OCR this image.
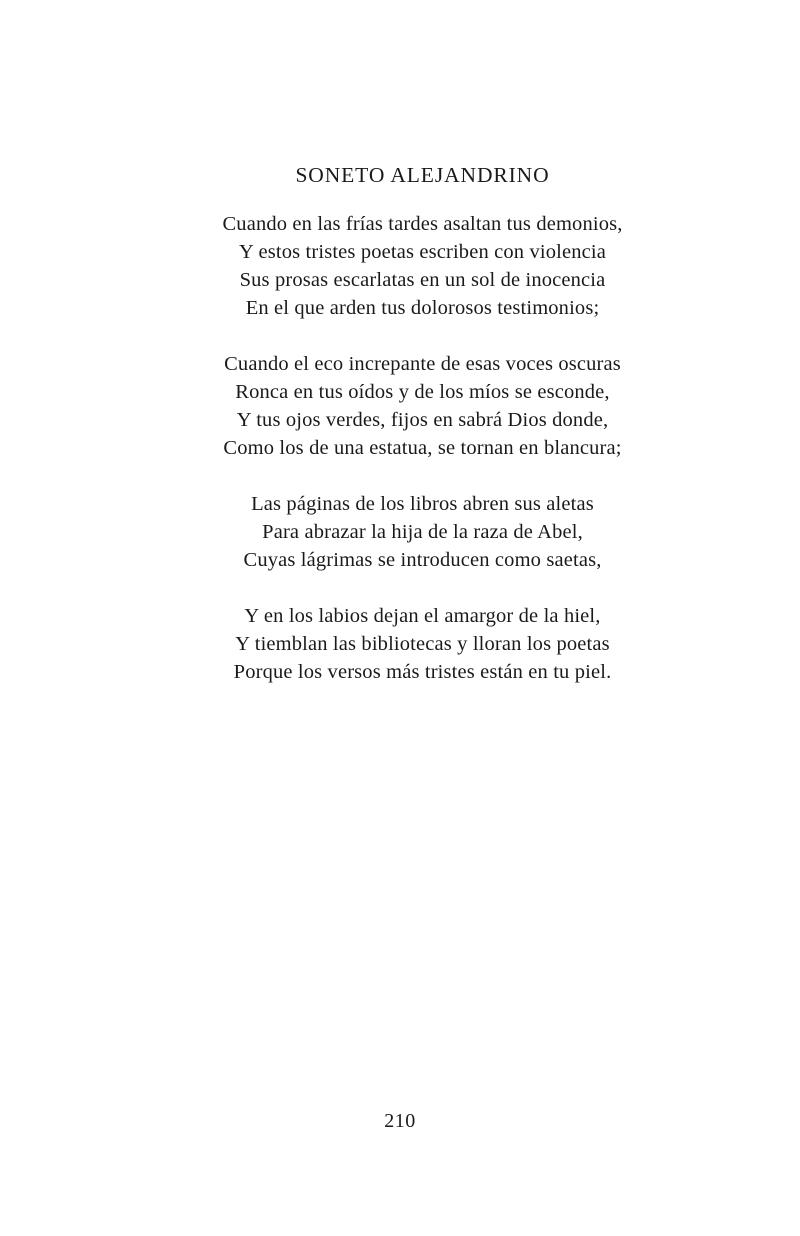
SONETO ALEJANDRINO
Cuando en las frías tardes asaltan tus demonios,
Y estos tristes poetas escriben con violencia
Sus prosas escarlatas en un sol de inocencia
En el que arden tus dolorosos testimonios;
Cuando el eco increpante de esas voces oscuras
Ronca en tus oídos y de los míos se esconde,
Y tus ojos verdes, fijos en sabrá Dios donde,
Como los de una estatua, se tornan en blancura;
Las páginas de los libros abren sus aletas
Para abrazar la hija de la raza de Abel,
Cuyas lágrimas se introducen como saetas,
Y en los labios dejan el amargor de la hiel,
Y tiemblan las bibliotecas y lloran los poetas
Porque los versos más tristes están en tu piel.
210
